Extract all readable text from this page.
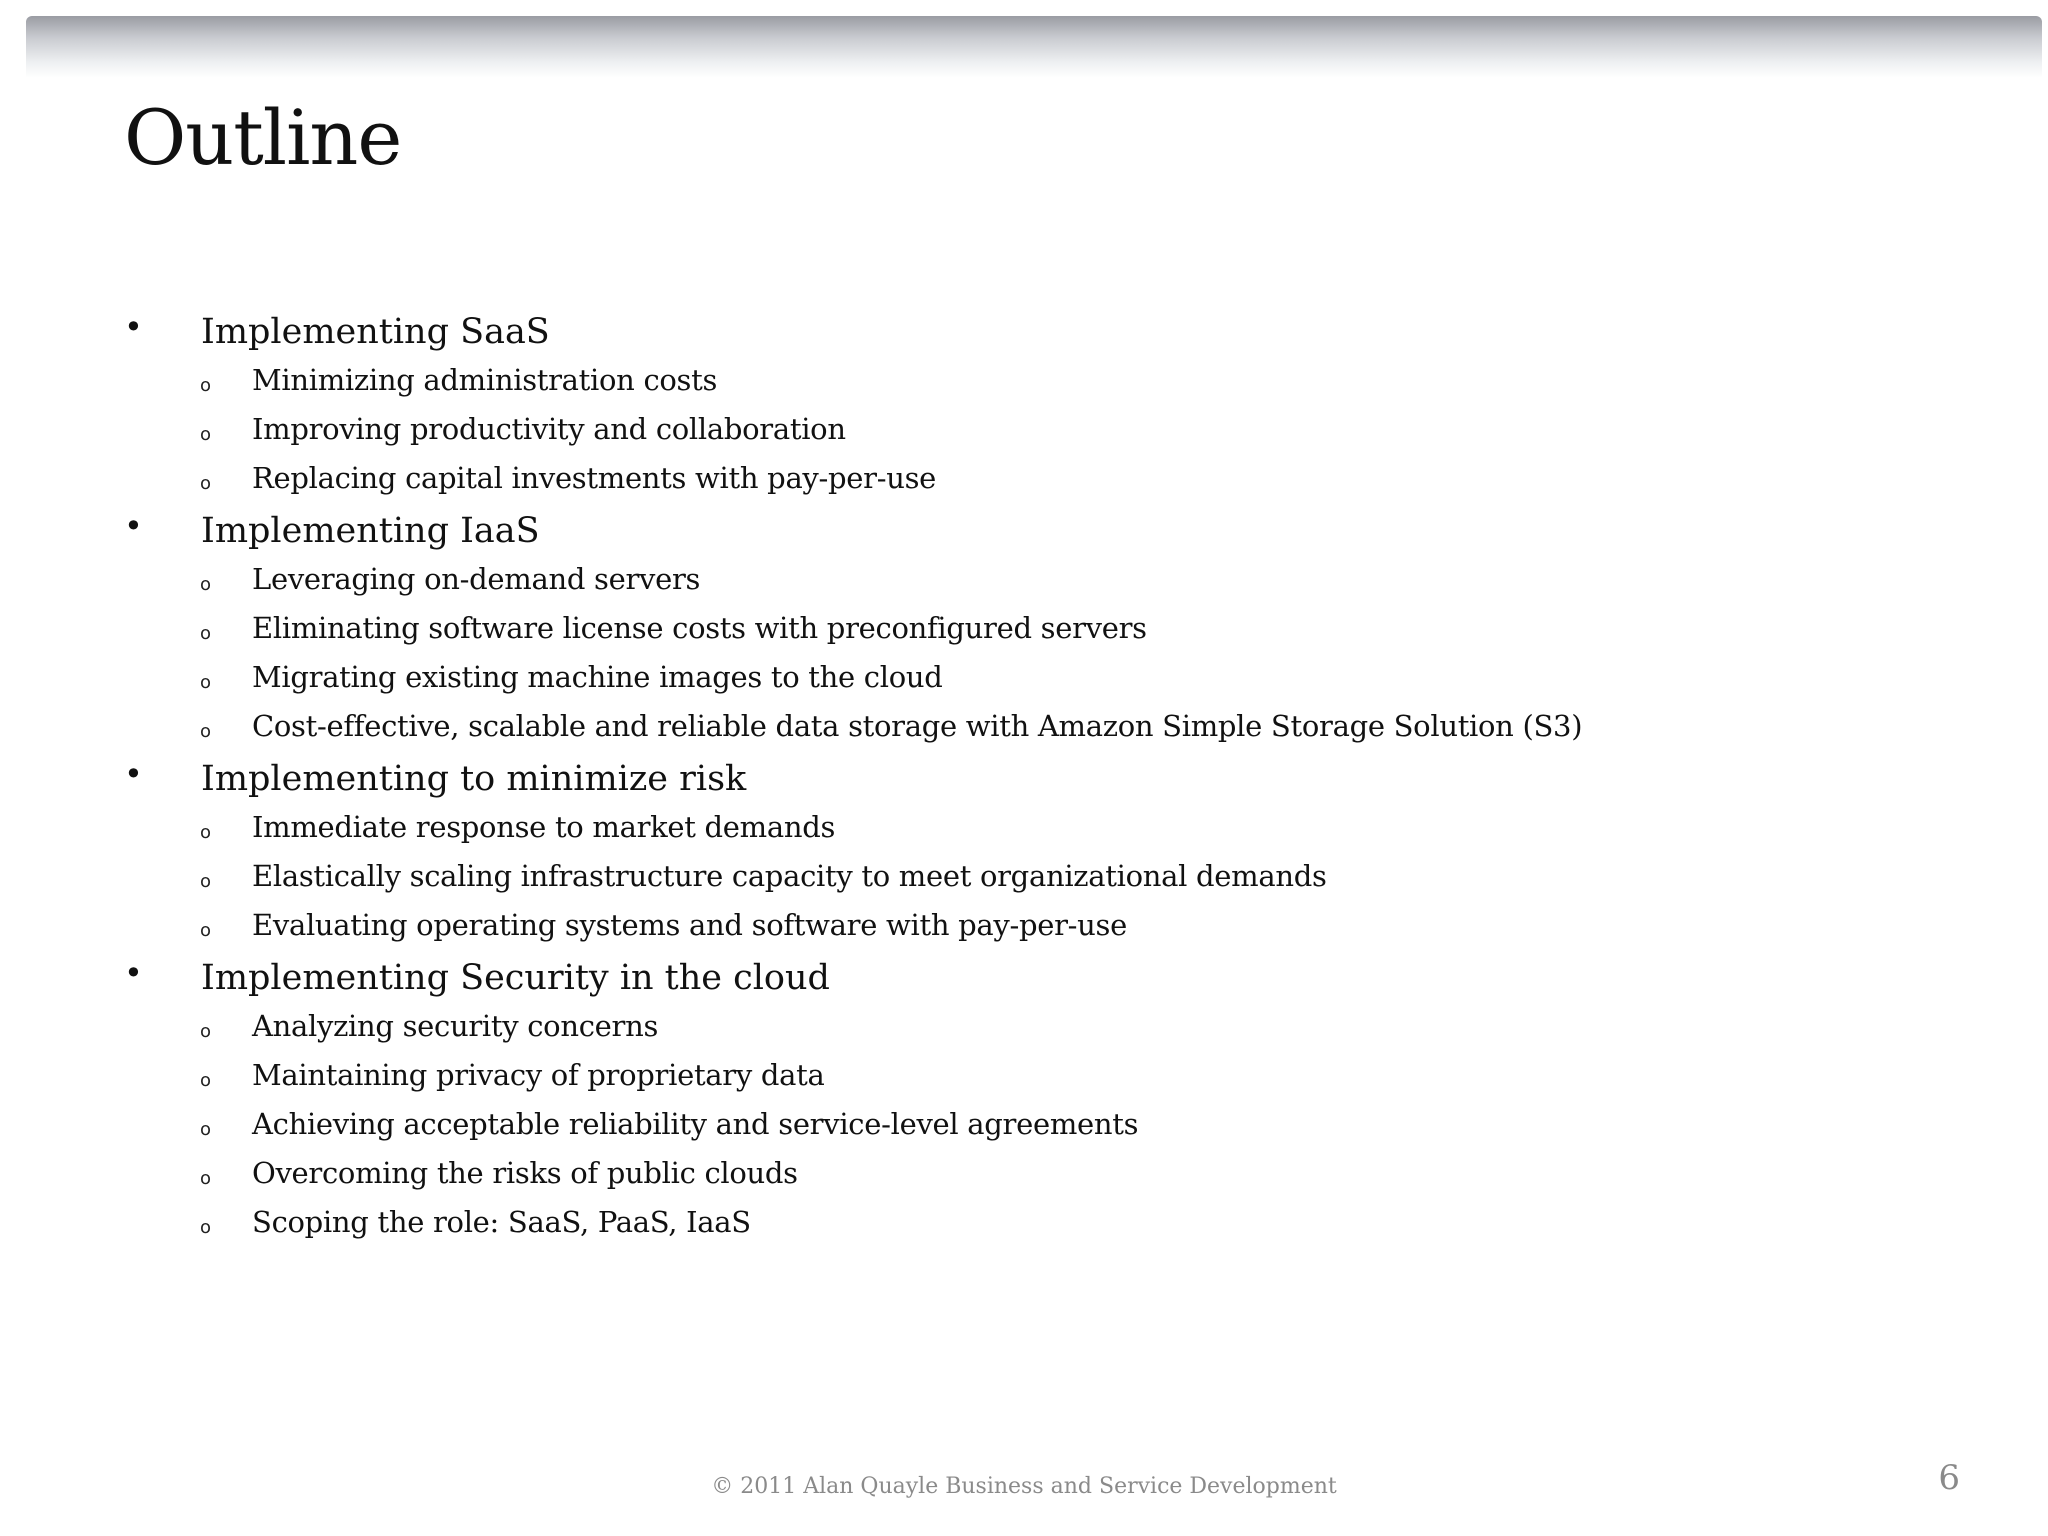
Outline
• Implementing SaaS
o Minimizing administration costs
o Improving productivity and collaboration
o Replacing capital investments with pay-per-use
• Implementing IaaS
o Leveraging on-demand servers
o Eliminating software license costs with preconfigured servers
o Migrating existing machine images to the cloud
o Cost-effective, scalable and reliable data storage with Amazon Simple Storage Solution (S3)
• Implementing to minimize risk
o Immediate response to market demands
o Elastically scaling infrastructure capacity to meet organizational demands
o Evaluating operating systems and software with pay-per-use
• Implementing Security in the cloud
o Analyzing security concerns
o Maintaining privacy of proprietary data
o Achieving acceptable reliability and service-level agreements
o Overcoming the risks of public clouds
o Scoping the role: SaaS, PaaS, IaaS
© 2011 Alan Quayle Business and Service Development	6
